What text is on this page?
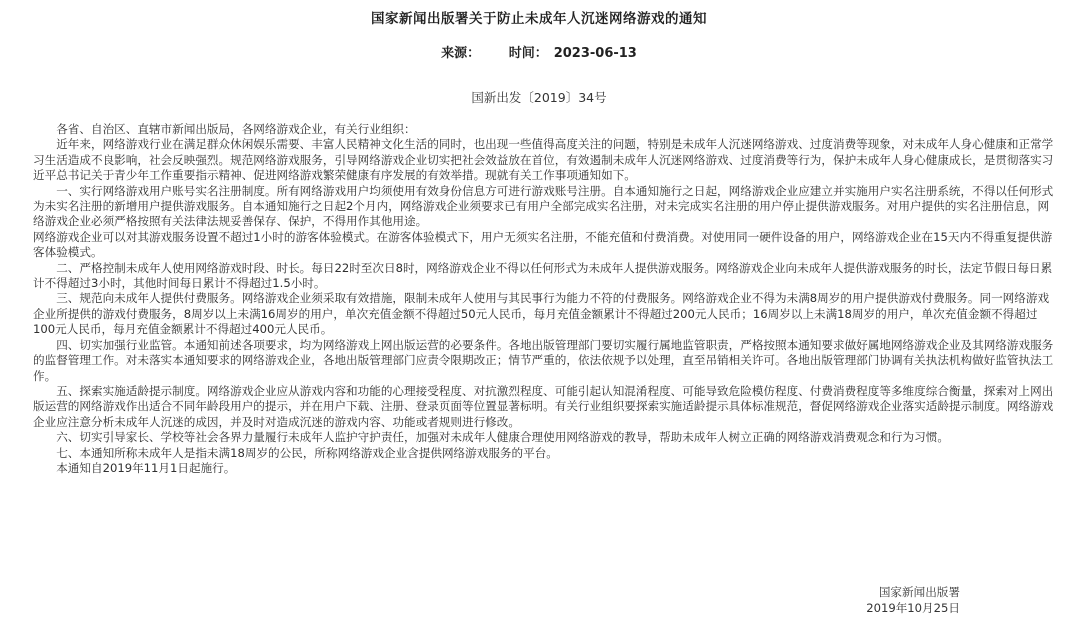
国家新闻出版署关于防止未成年人沉迷网络游戏的通知
来源： 时间： 2023-06-13
国新出发〔2019〕34号

各省、自治区、直辖市新闻出版局，各网络游戏企业，有关行业组织：

近年来，网络游戏行业在满足群众休闲娱乐需要、丰富人民精神文化生活的同时，也出现一些值得高度关注的问题，特别是未成年人沉迷网络游戏、过度消费等现象，对未成年人身心健康和正常学习生活造成不良影响，社会反映强烈。规范网络游戏服务，引导网络游戏企业切实把社会效益放在首位，有效遏制未成年人沉迷网络游戏、过度消费等行为，保护未成年人身心健康成长，是贯彻落实习近平总书记关于青少年工作重要指示精神、促进网络游戏繁荣健康有序发展的有效举措。现就有关工作事项通知如下。

一、实行网络游戏用户账号实名注册制度。所有网络游戏用户均须使用有效身份信息方可进行游戏账号注册。自本通知施行之日起，网络游戏企业应建立并实施用户实名注册系统，不得以任何形式为未实名注册的新增用户提供游戏服务。自本通知施行之日起2个月内，网络游戏企业须要求已有用户全部完成实名注册，对未完成实名注册的用户停止提供游戏服务。对用户提供的实名注册信息，网络游戏企业必须严格按照有关法律法规妥善保存、保护，不得用作其他用途。

网络游戏企业可以对其游戏服务设置不超过1小时的游客体验模式。在游客体验模式下，用户无须实名注册，不能充值和付费消费。对使用同一硬件设备的用户，网络游戏企业在15天内不得重复提供游客体验模式。

二、严格控制未成年人使用网络游戏时段、时长。每日22时至次日8时，网络游戏企业不得以任何形式为未成年人提供游戏服务。网络游戏企业向未成年人提供游戏服务的时长，法定节假日每日累计不得超过3小时，其他时间每日累计不得超过1.5小时。

三、规范向未成年人提供付费服务。网络游戏企业须采取有效措施，限制未成年人使用与其民事行为能力不符的付费服务。网络游戏企业不得为未满8周岁的用户提供游戏付费服务。同一网络游戏企业所提供的游戏付费服务，8周岁以上未满16周岁的用户，单次充值金额不得超过50元人民币，每月充值金额累计不得超过200元人民币；16周岁以上未满18周岁的用户，单次充值金额不得超过100元人民币，每月充值金额累计不得超过400元人民币。

四、切实加强行业监管。本通知前述各项要求，均为网络游戏上网出版运营的必要条件。各地出版管理部门要切实履行属地监管职责，严格按照本通知要求做好属地网络游戏企业及其网络游戏服务的监督管理工作。对未落实本通知要求的网络游戏企业，各地出版管理部门应责令限期改正；情节严重的，依法依规予以处理，直至吊销相关许可。各地出版管理部门协调有关执法机构做好监管执法工作。

五、探索实施适龄提示制度。网络游戏企业应从游戏内容和功能的心理接受程度、对抗激烈程度、可能引起认知混淆程度、可能导致危险模仿程度、付费消费程度等多维度综合衡量，探索对上网出版运营的网络游戏作出适合不同年龄段用户的提示，并在用户下载、注册、登录页面等位置显著标明。有关行业组织要探索实施适龄提示具体标准规范，督促网络游戏企业落实适龄提示制度。网络游戏企业应注意分析未成年人沉迷的成因，并及时对造成沉迷的游戏内容、功能或者规则进行修改。

六、切实引导家长、学校等社会各界力量履行未成年人监护守护责任，加强对未成年人健康合理使用网络游戏的教导，帮助未成年人树立正确的网络游戏消费观念和行为习惯。

七、本通知所称未成年人是指未满18周岁的公民，所称网络游戏企业含提供网络游戏服务的平台。

本通知自2019年11月1日起施行。

国家新闻出版署
2019年10月25日
